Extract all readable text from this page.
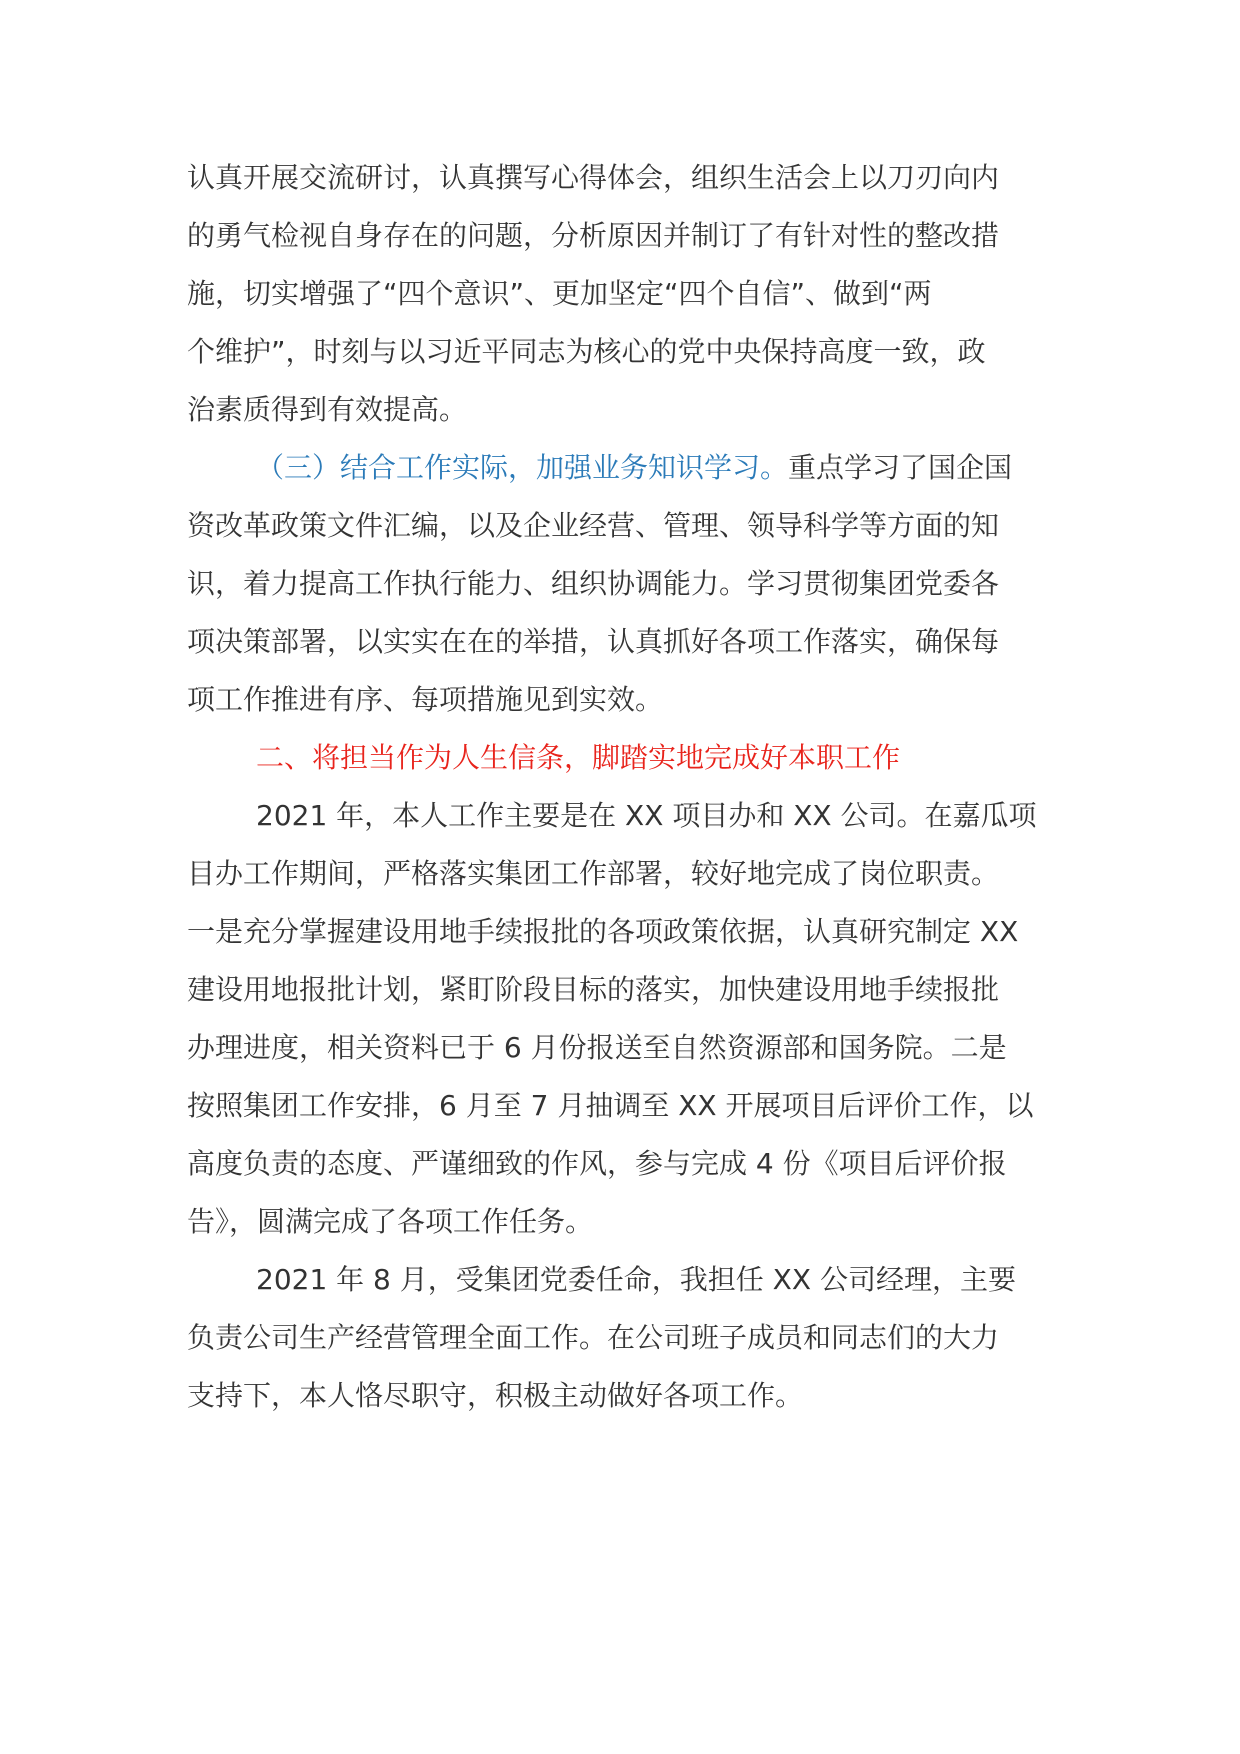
认真开展交流研讨，认真撰写心得体会，组织生活会上以刀刃向内
的勇气检视自身存在的问题，分析原因并制订了有针对性的整改措
施，切实增强了“四个意识”、更加坚定“四个自信”、做到“两
个维护”，时刻与以习近平同志为核心的党中央保持高度一致，政
治素质得到有效提高。
（三）结合工作实际，加强业务知识学习。重点学习了国企国
资改革政策文件汇编，以及企业经营、管理、领导科学等方面的知
识，着力提高工作执行能力、组织协调能力。学习贯彻集团党委各
项决策部署，以实实在在的举措，认真抓好各项工作落实，确保每
项工作推进有序、每项措施见到实效。
二、将担当作为人生信条，脚踏实地完成好本职工作
2021 年，本人工作主要是在 XX 项目办和 XX 公司。在嘉瓜项
目办工作期间，严格落实集团工作部署，较好地完成了岗位职责。
一是充分掌握建设用地手续报批的各项政策依据，认真研究制定 XX
建设用地报批计划，紧盯阶段目标的落实，加快建设用地手续报批
办理进度，相关资料已于 6 月份报送至自然资源部和国务院。二是
按照集团工作安排，6 月至 7 月抽调至 XX 开展项目后评价工作，以
高度负责的态度、严谨细致的作风，参与完成 4 份《项目后评价报
告》，圆满完成了各项工作任务。
2021 年 8 月，受集团党委任命，我担任 XX 公司经理，主要
负责公司生产经营管理全面工作。在公司班子成员和同志们的大力
支持下，本人恪尽职守，积极主动做好各项工作。
